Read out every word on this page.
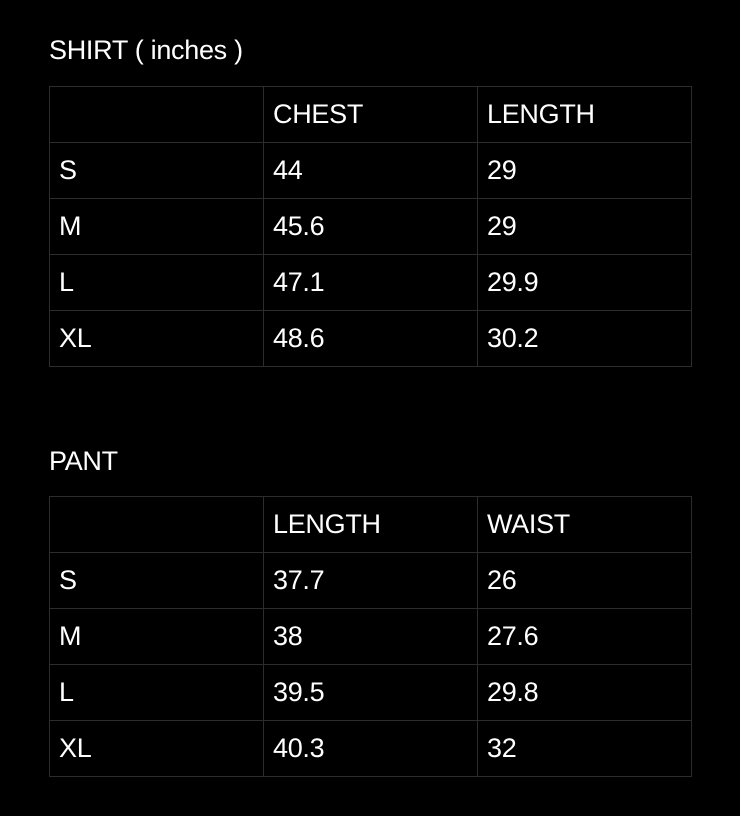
SHIRT ( inches )
	CHEST	LENGTH
S	44	29
M	45.6	29
L	47.1	29.9
XL	48.6	30.2
PANT
	LENGTH	WAIST
S	37.7	26
M	38	27.6
L	39.5	29.8
XL	40.3	32
